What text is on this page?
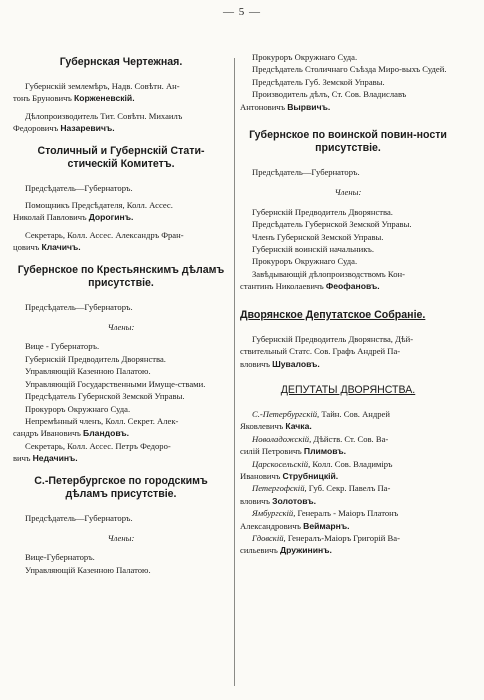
— 5 —
Губернская Чертежная.
Губернскій землемѣръ, Надв. Совѣтн. Ан-
тонъ Бруновичъ Корженевскій.
Дѣлопроизводитель Тит. Совѣтн. Михаилъ
Федоровичъ Назаревичъ.
Столичный и Губернскій Стати-стическій Комитетъ.
Предсѣдатель—Губернаторъ.
Помощникъ Предсѣдателя, Колл. Ассес.
Николай Павловичъ Дорогинъ.
Секретарь, Колл. Ассес. Александръ Фран-
цовичъ Клачичъ.
Губернское по Крестьянскимъ дѣламъ присутствіе.
Предсѣдатель—Губернаторъ.
Члены:
Вице - Губернаторъ.
Губернскій Предводитель Дворянства.
Управляющій Казенною Палатою.
Управляющій Государственными Имуще-ствами.
Предсѣдатель Губернской Земской Управы.
Прокуроръ Окружнаго Суда.
Непремѣнный членъ, Колл. Секрет. Алек-
сандръ Ивановичъ Бландовъ.
Секретарь, Колл. Ассес. Петръ Федоро-
вичъ Недачинъ.
С.-Петербургское по городскимъ дѣламъ присутствіе.
Предсѣдатель—Губернаторъ.
Члены:
Вице-Губернаторъ.
Управляющій Казенною Палатою.
Прокуроръ Окружнаго Суда.
Предсѣдатель Столичнаго Съѣзда Миро-выхъ Судей.
Предсѣдатель Губ. Земской Управы.
Производитель дѣлъ, Ст. Сов. Владиславъ
Антоновичъ Вырвичъ.
Губернское по воинской повин-ности присутствіе.
Предсѣдатель—Губернаторъ.
Члены:
Губернскій Предводитель Дворянства.
Предсѣдатель Губернской Земской Управы.
Членъ Губернской Земской Управы.
Губернскій воинскій начальникъ.
Прокуроръ Окружнаго Суда.
Завѣдывающій дѣлопроизводствомъ Кон-
стантинъ Николаевичъ Феофановъ.
Дворянское Депутатское Собраніе.
Губернскій Предводитель Дворянства, Дѣй-
ствительный Статс. Сов. Графъ Андрей Па-
вловичъ Шуваловъ.
ДЕПУТАТЫ ДВОРЯНСТВА.
С.-Петербургскій, Тайн. Сов. Андрей
Яковлевичъ Качка.
Новоладожскій, Дѣйств. Ст. Сов. Ва-
силій Петровичъ Плимовъ.
Царскосельскій, Колл. Сов. Владиміръ
Ивановичъ Струбницкій.
Петергофскій, Губ. Секр. Павелъ Па-
вловичъ Золотовъ.
Ямбургскій, Генералъ - Маіоръ Платонъ
Александровичъ Веймарнъ.
Гдовскій, Генералъ-Маіоръ Григорій Ва-
сильевичъ Дружининъ.
